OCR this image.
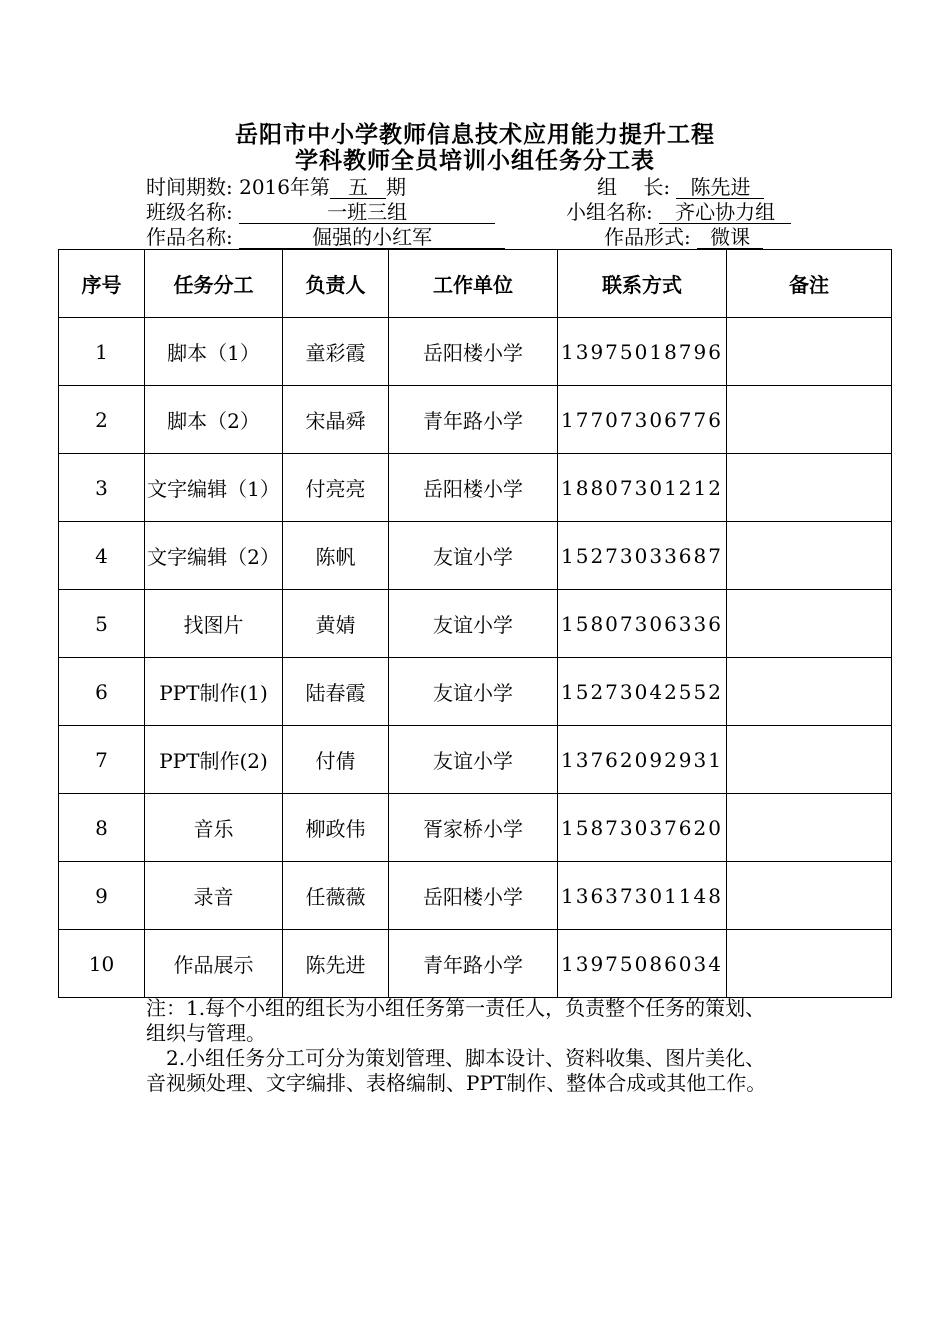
岳阳市中小学教师信息技术应用能力提升工程
学科教师全员培训小组任务分工表
时间期数: 2016年第 五 期	组　 长: 陈先进
班级名称:	一班三组	小组名称: 齐心协力组
作品名称:	倔强的小红军	作品形式: 微课
序号	任务分工	负责人	工作单位	联系方式	备注
1	脚本（1）	童彩霞	岳阳楼小学	13975018796	
2	脚本（2）	宋晶舜	青年路小学	17707306776	
3	文字编辑（1）	付亮亮	岳阳楼小学	18807301212	
4	文字编辑（2）	陈帆	友谊小学	15273033687	
5	找图片	黄婧	友谊小学	15807306336	
6	PPT制作(1)	陆春霞	友谊小学	15273042552	
7	PPT制作(2)	付倩	友谊小学	13762092931	
8	音乐	柳政伟	胥家桥小学	15873037620	
9	录音	任薇薇	岳阳楼小学	13637301148	
10	作品展示	陈先进	青年路小学	13975086034	

注：1.每个小组的组长为小组任务第一责任人，负责整个任务的策划、

组织与管理。

　2.小组任务分工可分为策划管理、脚本设计、资料收集、图片美化、

音视频处理、文字编排、表格编制、PPT制作、整体合成或其他工作。
